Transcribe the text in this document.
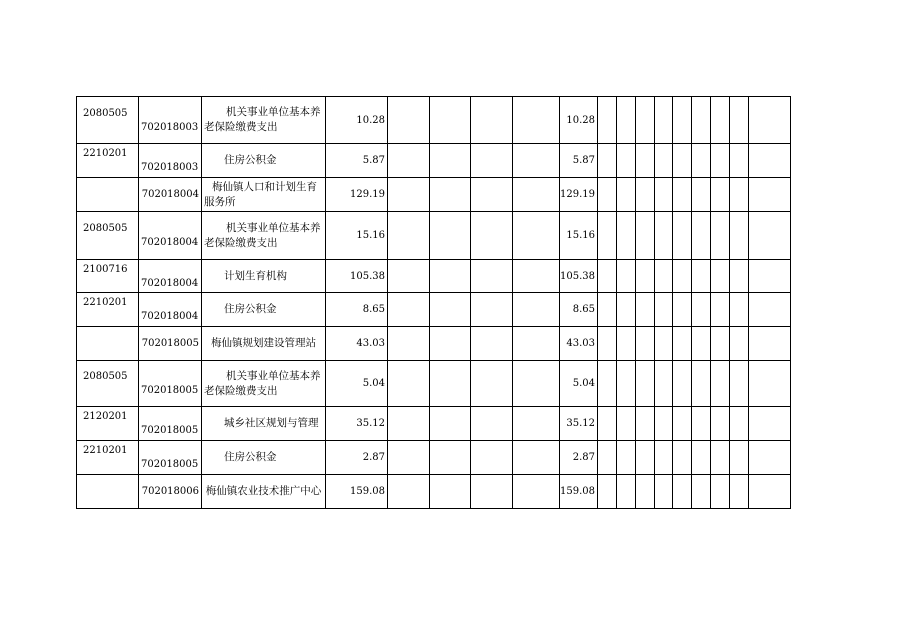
2080505	702018003	机关事业单位基本养老保险缴费支出	10.28					10.28									
2210201	702018003	住房公积金	5.87					5.87									
	702018004	梅仙镇人口和计划生育服务所	129.19					129.19									
2080505	702018004	机关事业单位基本养老保险缴费支出	15.16					15.16									
2100716	702018004	计划生育机构	105.38					105.38									
2210201	702018004	住房公积金	8.65					8.65									
	702018005	梅仙镇规划建设管理站	43.03					43.03									
2080505	702018005	机关事业单位基本养老保险缴费支出	5.04					5.04									
2120201	702018005	城乡社区规划与管理	35.12					35.12									
2210201	702018005	住房公积金	2.87					2.87									
	702018006	梅仙镇农业技术推广中心	159.08					159.08									
